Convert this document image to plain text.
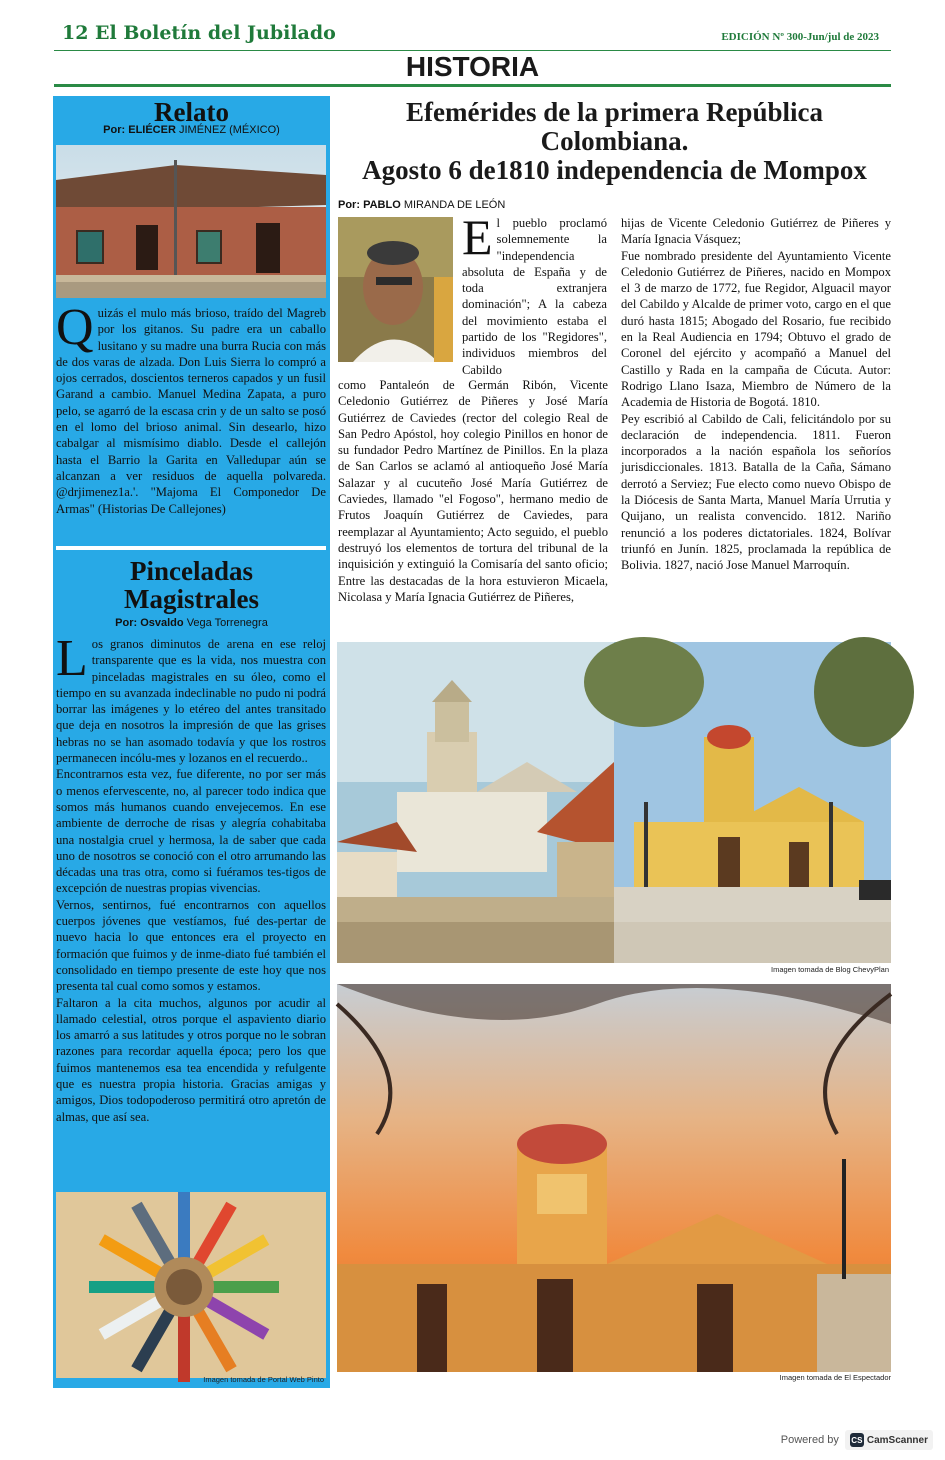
12 El Boletín del Jubilado	EDICIÓN Nº 300-Jun/jul de 2023
HISTORIA
Relato
Por: ELIÉCER JIMÉNEZ (MÉXICO)
Quizás el mulo más brioso, traído del Magreb por los gitanos. Su padre era un caballo lusitano y su madre una burra Rucia con más de dos varas de alzada. Don Luis Sierra lo compró a ojos cerrados, doscientos terneros capados y un fusil Garand a cambio. Manuel Medina Zapata, a puro pelo, se agarró de la escasa crin y de un salto se posó en el lomo del brioso animal. Sin desearlo, hizo cabalgar al mismísimo diablo. Desde el callejón hasta el Barrio la Garita en Valledupar aún se alcanzan a ver residuos de aquella polvareda. @drjimenez1a.'. "Majoma El Componedor De Armas" (Historias De Callejones)
Pinceladas
Magistrales
Por: Osvaldo Vega Torrenegra
Los granos diminutos de arena en ese reloj transparente que es la vida, nos muestra con pinceladas magistrales en su óleo, como el tiempo en su avanzada indeclinable no pudo ni podrá borrar las imágenes y lo etéreo del antes transitado que deja en nosotros la impresión de que las grises hebras no se han asomado todavía y que los rostros permanecen incólu-mes y lozanos en el recuerdo..
Encontrarnos esta vez, fue diferente, no por ser más o menos efervescente, no, al parecer todo indica que somos más humanos cuando envejecemos. En ese ambiente de derroche de risas y alegría cohabitaba una nostalgia cruel y hermosa, la de saber que cada uno de nosotros se conoció con el otro arrumando las décadas una tras otra, como si fuéramos tes-tigos de excepción de nuestras propias vivencias.
Vernos, sentirnos, fué encontrarnos con aquellos cuerpos jóvenes que vestíamos, fué des-pertar de nuevo hacia lo que entonces era el proyecto en formación que fuimos y de inme-diato fué también el consolidado en tiempo presente de este hoy que nos presenta tal cual como somos y estamos.
Faltaron a la cita muchos, algunos por acudir al llamado celestial, otros porque el aspaviento diario los amarró a sus latitudes y otros porque no le sobran razones para recordar aquella época; pero los que fuimos mantenemos esa tea encendida y refulgente que es nuestra propia historia. Gracias amigas y amigos, Dios todopoderoso permitirá otro apretón de almas, que así sea.
Imagen tomada de Portal Web Pinto
Efemérides de la primera República
Colombiana.
Agosto 6 de1810 independencia de Mompox
Por: PABLO MIRANDA DE LEÓN
El pueblo proclamó solemnemente la "independencia absoluta de España y de toda extranjera dominación"; A la cabeza del movimiento estaba el partido de los "Regidores", individuos miembros del Cabildo
como Pantaleón de Germán Ribón, Vicente Celedonio Gutiérrez de Piñeres y José María Gutiérrez de Caviedes (rector del colegio Real de San Pedro Apóstol, hoy colegio Pinillos en honor de su fundador Pedro Martínez de Pinillos. En la plaza de San Carlos se aclamó al antioqueño José María Salazar y al cucuteño José María Gutiérrez de Caviedes, llamado "el Fogoso", hermano medio de Frutos Joaquín Gutiérrez de Caviedes, para reemplazar al Ayuntamiento; Acto seguido, el pueblo destruyó los elementos de tortura del tribunal de la inquisición y extinguió la Comisaría del santo oficio; Entre las destacadas de la hora estuvieron Micaela, Nicolasa y María Ignacia Gutiérrez de Piñeres,
hijas de Vicente Celedonio Gutiérrez de Piñeres y María Ignacia Vásquez;
Fue nombrado presidente del Ayuntamiento Vicente Celedonio Gutiérrez de Piñeres, nacido en Mompox el 3 de marzo de 1772, fue Regidor, Alguacil mayor del Cabildo y Alcalde de primer voto, cargo en el que duró hasta 1815; Abogado del Rosario, fue recibido en la Real Audiencia en 1794; Obtuvo el grado de Coronel del ejército y acompañó a Manuel del Castillo y Rada en la campaña de Cúcuta. Autor: Rodrigo Llano Isaza, Miembro de Número de la Academia de Historia de Bogotá. 1810.
Pey escribió al Cabildo de Cali, felicitándolo por su declaración de independencia. 1811. Fueron incorporados a la nación española los señoríos jurisdiccionales. 1813. Batalla de la Caña, Sámano derrotó a Serviez; Fue electo como nuevo Obispo de la Diócesis de Santa Marta, Manuel María Urrutia y Quijano, un realista convencido. 1812. Nariño renunció a los poderes dictatoriales. 1824, Bolívar triunfó en Junín. 1825, proclamada la república de Bolivia. 1827, nació Jose Manuel Marroquín.
Imagen tomada de Blog ChevyPlan
Imagen tomada de El Espectador
Powered by CS CamScanner
